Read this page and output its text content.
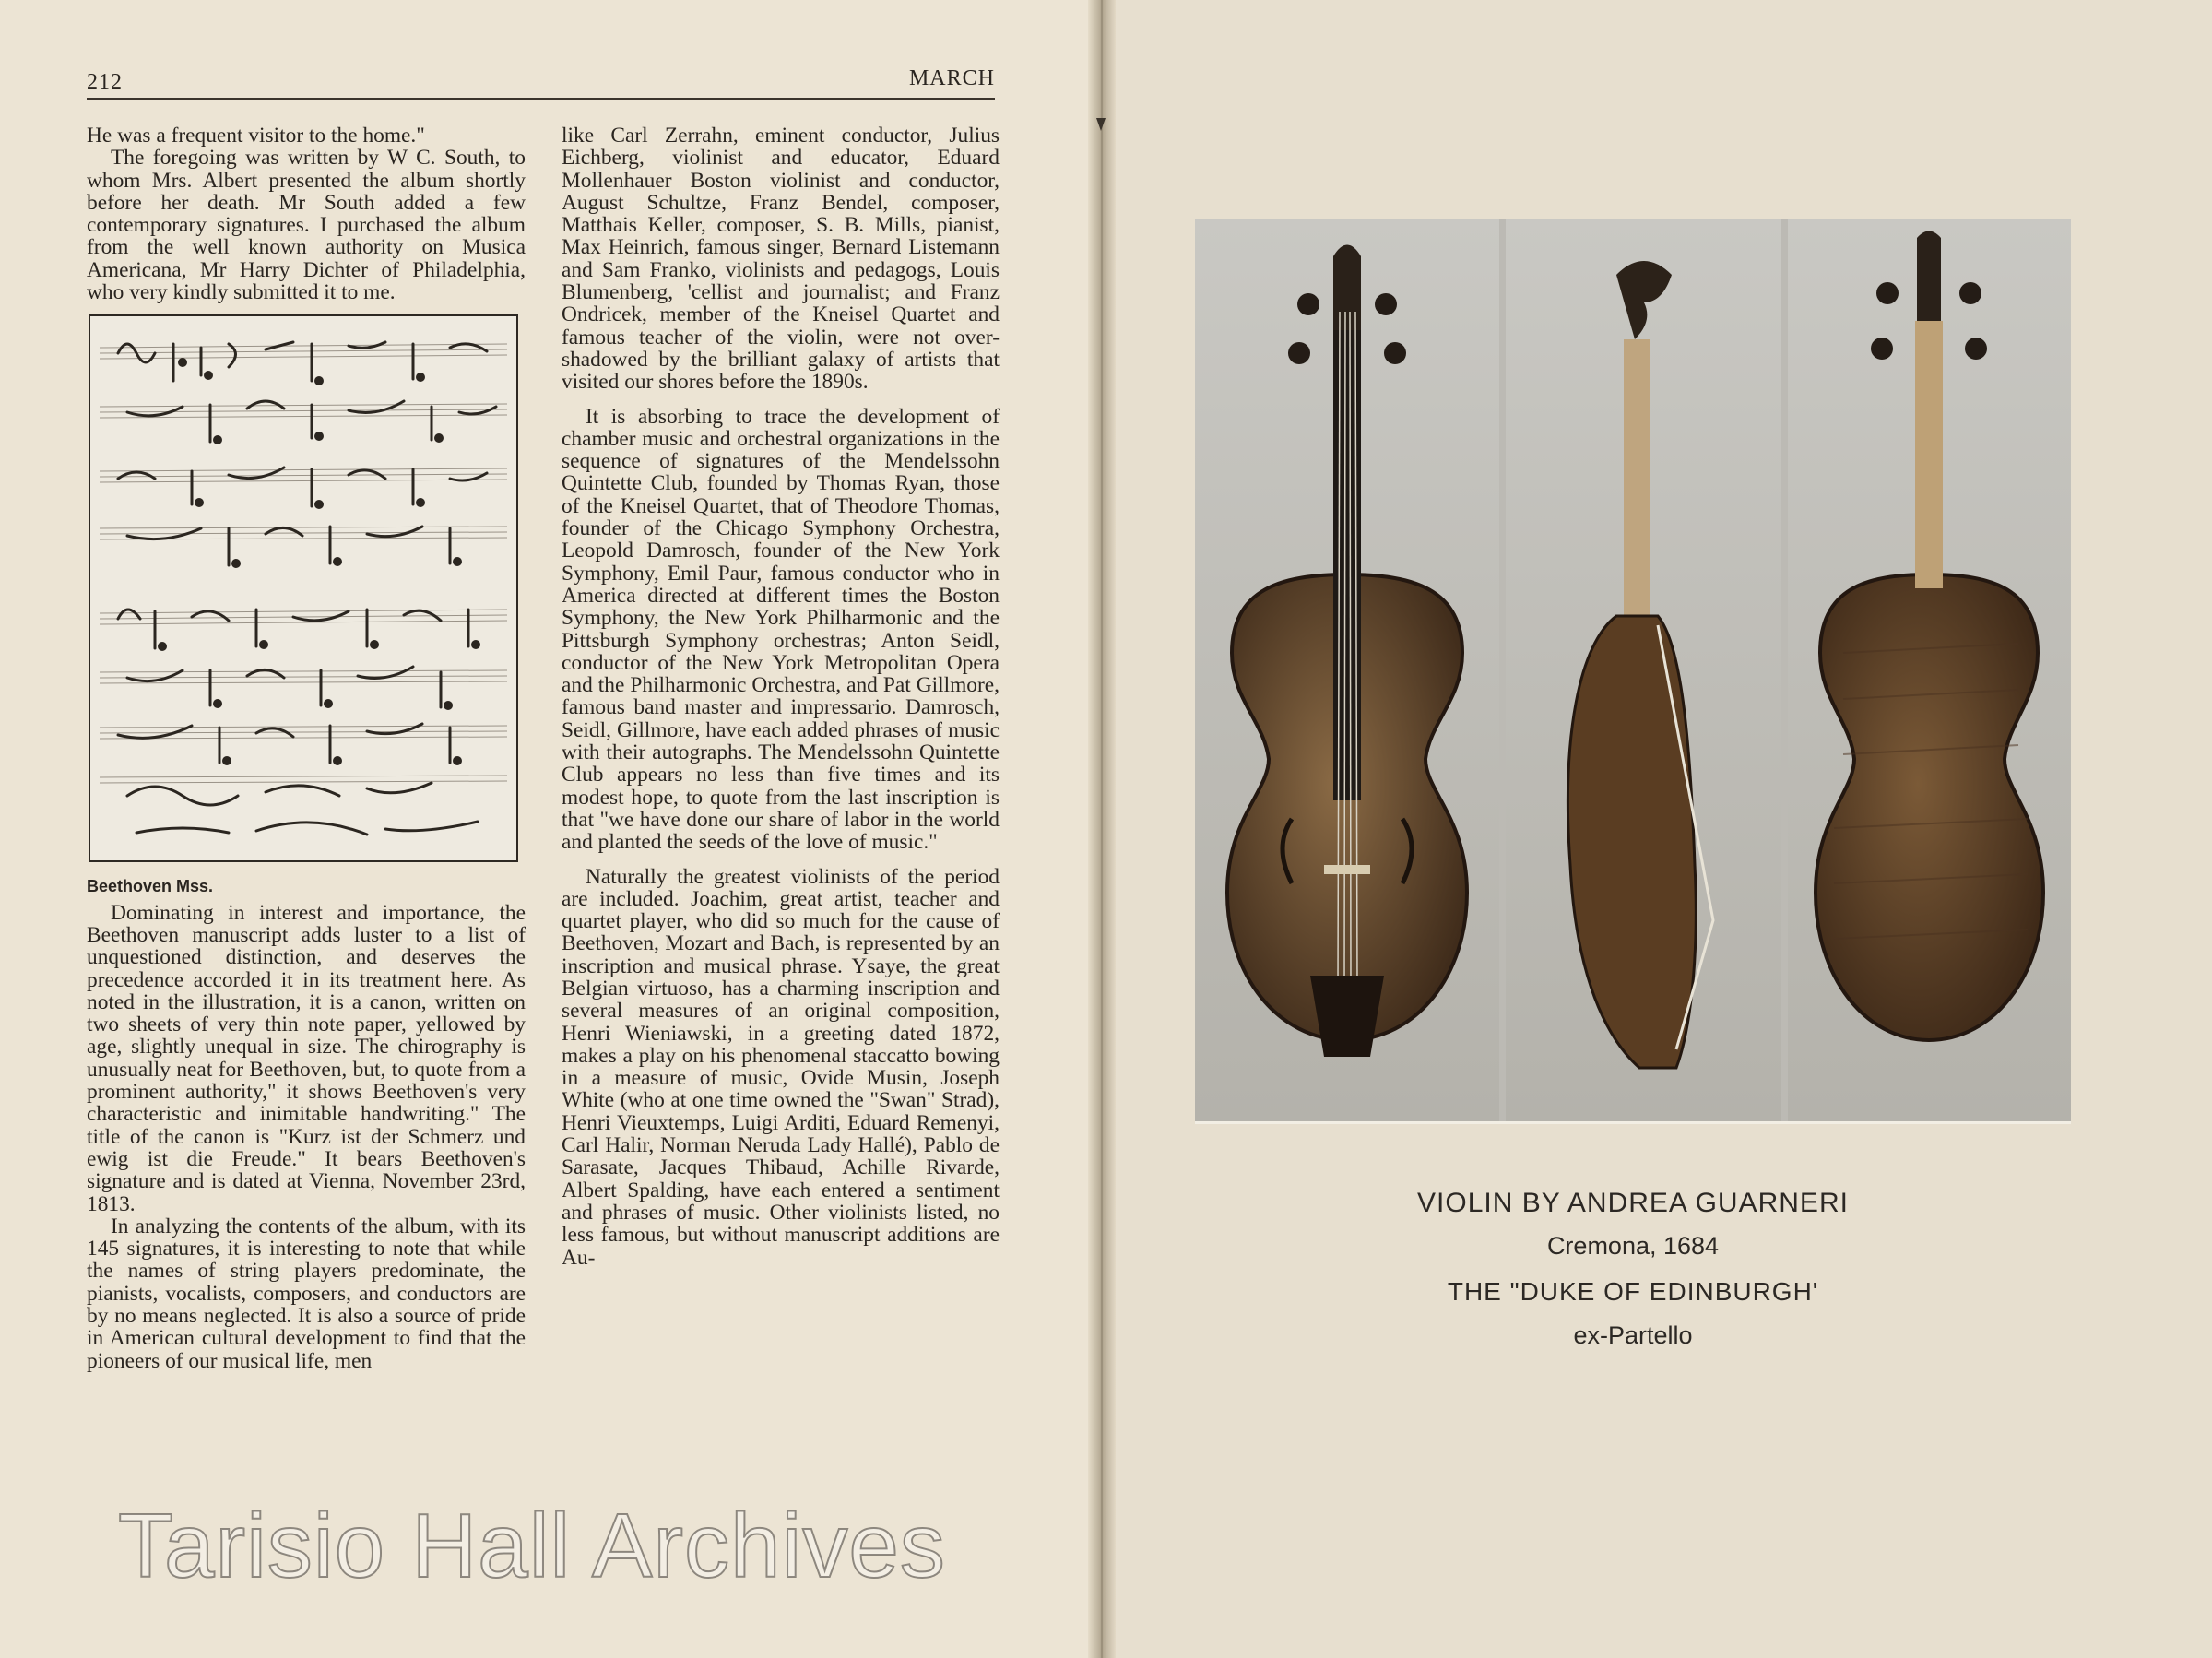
212	MARCH

He was a frequent visitor to the home."

The foregoing was written by W C. South, to whom Mrs. Albert presented the album shortly before her death. Mr South added a few contemporary signatures. I purchased the album from the well known authority on Musica Americana, Mr Harry Dichter of Philadelphia, who very kindly submitted it to me.

Beethoven Mss.

Dominating in interest and importance, the Beethoven manuscript adds luster to a list of unquestioned distinction, and deserves the precedence accorded it in its treatment here. As noted in the illustration, it is a canon, written on two sheets of very thin note paper, yellowed by age, slightly unequal in size. The chirography is unusually neat for Beethoven, but, to quote from a prominent authority," it shows Beethoven's very characteristic and inimitable handwriting." The title of the canon is "Kurz ist der Schmerz und ewig ist die Freude." It bears Beethoven's signature and is dated at Vienna, November 23rd, 1813.

In analyzing the contents of the album, with its 145 signatures, it is interesting to note that while the names of string players predominate, the pianists, vocalists, composers, and conductors are by no means neglected. It is also a source of pride in American cultural development to find that the pioneers of our musical life, men

like Carl Zerrahn, eminent conductor, Julius Eichberg, violinist and educator, Eduard Mollenhauer Boston violinist and conductor, August Schultze, Franz Bendel, composer, Matthais Keller, composer, S. B. Mills, pianist, Max Heinrich, famous singer, Bernard Listemann and Sam Franko, violinists and pedagogs, Louis Blumenberg, 'cellist and journalist; and Franz Ondricek, member of the Kneisel Quartet and famous teacher of the violin, were not over-shadowed by the brilliant galaxy of artists that visited our shores before the 1890s.

It is absorbing to trace the development of chamber music and orchestral organizations in the sequence of signatures of the Mendelssohn Quintette Club, founded by Thomas Ryan, those of the Kneisel Quartet, that of Theodore Thomas, founder of the Chicago Symphony Orchestra, Leopold Damrosch, founder of the New York Symphony, Emil Paur, famous conductor who in America directed at different times the Boston Symphony, the New York Philharmonic and the Pittsburgh Symphony orchestras; Anton Seidl, conductor of the New York Metropolitan Opera and the Philharmonic Orchestra, and Pat Gillmore, famous band master and impressario. Damrosch, Seidl, Gillmore, have each added phrases of music with their autographs. The Mendelssohn Quintette Club appears no less than five times and its modest hope, to quote from the last inscription is that "we have done our share of labor in the world and planted the seeds of the love of music."

Naturally the greatest violinists of the period are included. Joachim, great artist, teacher and quartet player, who did so much for the cause of Beethoven, Mozart and Bach, is represented by an inscription and musical phrase. Ysaye, the great Belgian virtuoso, has a charming inscription and several measures of an original composition, Henri Wieniawski, in a greeting dated 1872, makes a play on his phenomenal staccatto bowing in a measure of music, Ovide Musin, Joseph White (who at one time owned the "Swan" Strad), Henri Vieuxtemps, Luigi Arditi, Eduard Remenyi, Carl Halir, Norman Neruda Lady Hallé), Pablo de Sarasate, Jacques Thibaud, Achille Rivarde, Albert Spalding, have each entered a sentiment and phrases of music. Other violinists listed, no less famous, but without manuscript additions are Au-

VIOLIN BY ANDREA GUARNERI
Cremona, 1684
THE "DUKE OF EDINBURGH'
ex-Partello
Tarisio Hall Archives
